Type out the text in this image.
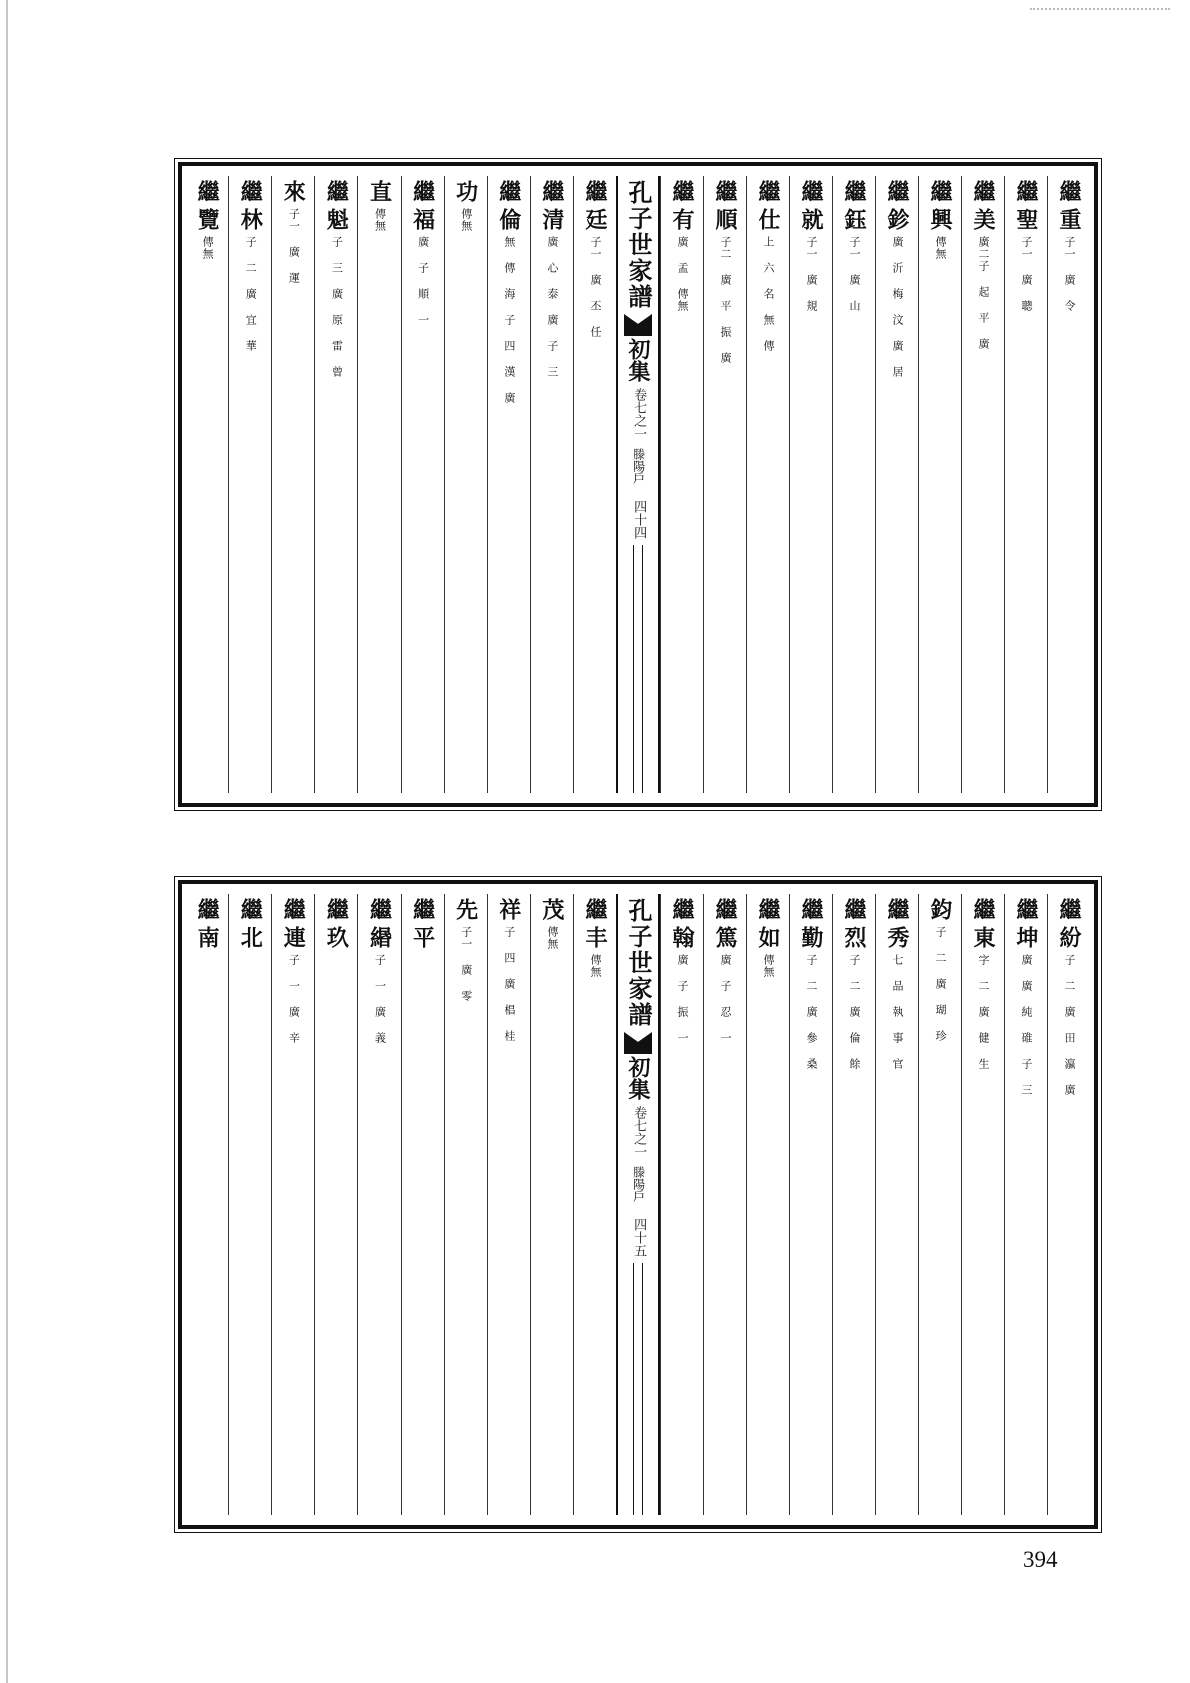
繼重
子一 廣 令
繼聖
子一 廣 聰
繼美
廣二子 起 平 廣
繼興
傳無
繼鉁
廣 沂 梅 汶 廣 居
繼鈺
子一 廣 山
繼就
子一 廣 規
繼仕
上 六 名 無 傳
繼順
子二 廣 平 振 廣
繼有
廣 孟 傳無
孔子世家譜
初集
卷七之一
滕陽戶
四十四
繼廷
子一 廣 丕 任
繼清
廣 心 泰 廣 子 三
繼倫
無 傳 海 子 四 漢 廣
功
傳無
繼福
廣 子 順 一
直
傳無
繼魁
子 三 廣 原 雷 曾
來
子一 廣 運
繼林
子 二 廣 宜 華
繼覽
傳無
繼紛
子 二 廣 田 瀛 廣
繼坤
廣 廣 純 碓 子 三
繼東
字 二 廣 健 生
鈞
子 二 廣 瑚 珍
繼秀
七 品 執 事 官
繼烈
子 二 廣 倫 餘
繼勤
子 二 廣 參 桑
繼如
傳無
繼篤
廣 子 忍 一
繼翰
廣 子 振 一
孔子世家譜
初集
卷七之一
滕陽戶
四十五
繼丰
傳無
茂
傳無
祥
子 四 廣 椙 桂
先
子一 廣 零
繼平
繼緡
子 一 廣 義
繼玖
繼連
子 一 廣 辛
繼北
繼南
394
